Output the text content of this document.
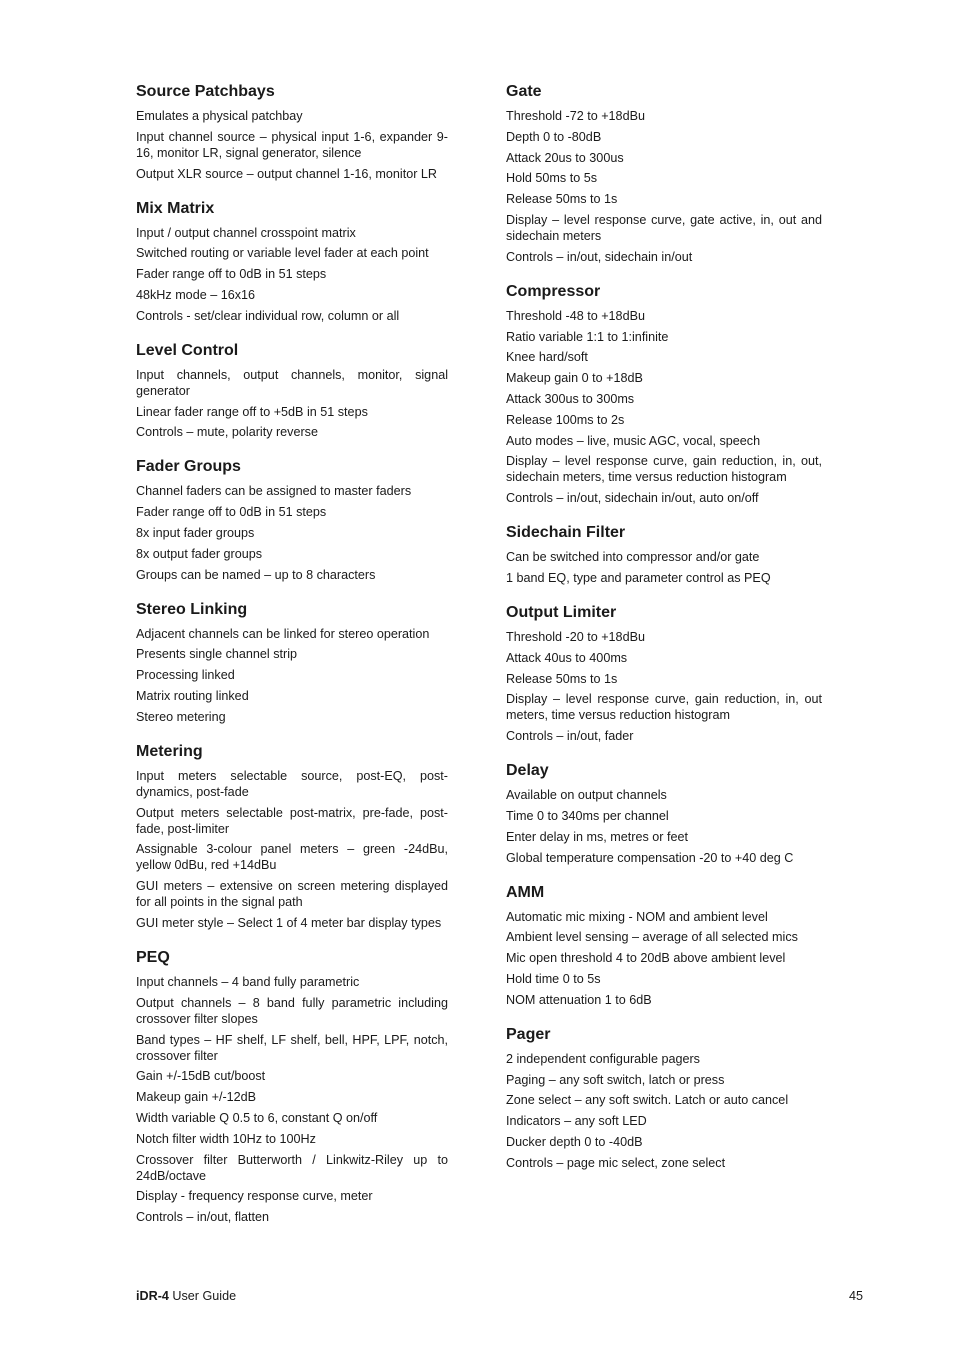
Source Patchbays

Emulates a physical patchbay

Input channel source – physical input 1-6, expander 9-16, monitor LR, signal generator, silence

Output XLR source – output channel 1-16, monitor LR

Mix Matrix

Input / output channel crosspoint matrix

Switched routing or variable level fader at each point

Fader range off to 0dB in 51 steps

48kHz mode – 16x16

Controls - set/clear individual row, column or all

Level Control

Input channels, output channels, monitor, signal generator

Linear fader range off to +5dB in 51 steps

Controls – mute, polarity reverse

Fader Groups

Channel faders can be assigned to master faders

Fader range off to 0dB in 51 steps

8x input fader groups

8x output fader groups

Groups can be named – up to 8 characters

Stereo Linking

Adjacent channels can be linked for stereo operation

Presents single channel strip

Processing linked

Matrix routing linked

Stereo metering

Metering

Input meters selectable source, post-EQ, post-dynamics, post-fade

Output meters selectable post-matrix, pre-fade, post-fade, post-limiter

Assignable 3-colour panel meters – green -24dBu, yellow 0dBu, red +14dBu

GUI meters – extensive on screen metering displayed for all points in the signal path

GUI meter style – Select 1 of 4 meter bar display types

PEQ

Input channels – 4 band fully parametric

Output channels – 8 band fully parametric including crossover filter slopes

Band types – HF shelf, LF shelf, bell, HPF, LPF, notch, crossover filter

Gain +/-15dB cut/boost

Makeup gain +/-12dB

Width variable Q 0.5 to 6, constant Q on/off

Notch filter width 10Hz to 100Hz

Crossover filter Butterworth / Linkwitz-Riley up to 24dB/octave

Display - frequency response curve, meter

Controls – in/out, flatten

Gate

Threshold -72 to +18dBu

Depth 0 to -80dB

Attack 20us to 300us

Hold 50ms to 5s

Release 50ms to 1s

Display – level response curve, gate active, in, out and sidechain meters

Controls – in/out, sidechain in/out

Compressor

Threshold -48 to +18dBu

Ratio variable 1:1 to 1:infinite

Knee hard/soft

Makeup gain 0 to +18dB

Attack 300us to 300ms

Release 100ms to 2s

Auto modes – live, music AGC, vocal, speech

Display – level response curve, gain reduction, in, out, sidechain meters, time versus reduction histogram

Controls – in/out, sidechain in/out, auto on/off

Sidechain Filter

Can be switched into compressor and/or gate

1 band EQ, type and parameter control as PEQ

Output Limiter

Threshold -20 to +18dBu

Attack 40us to 400ms

Release 50ms to 1s

Display – level response curve, gain reduction, in, out meters, time versus reduction histogram

Controls – in/out, fader

Delay

Available on output channels

Time 0 to 340ms per channel

Enter delay in ms, metres or feet

Global temperature compensation -20 to +40 deg C

AMM

Automatic mic mixing - NOM and ambient level

Ambient level sensing – average of all selected mics

Mic open threshold 4 to 20dB above ambient level

Hold time 0 to 5s

NOM attenuation 1 to 6dB

Pager

2 independent configurable pagers

Paging – any soft switch, latch or press

Zone select – any soft switch. Latch or auto cancel

Indicators – any soft LED

Ducker depth 0 to -40dB

Controls – page mic select, zone select

iDR-4 User Guide	45
